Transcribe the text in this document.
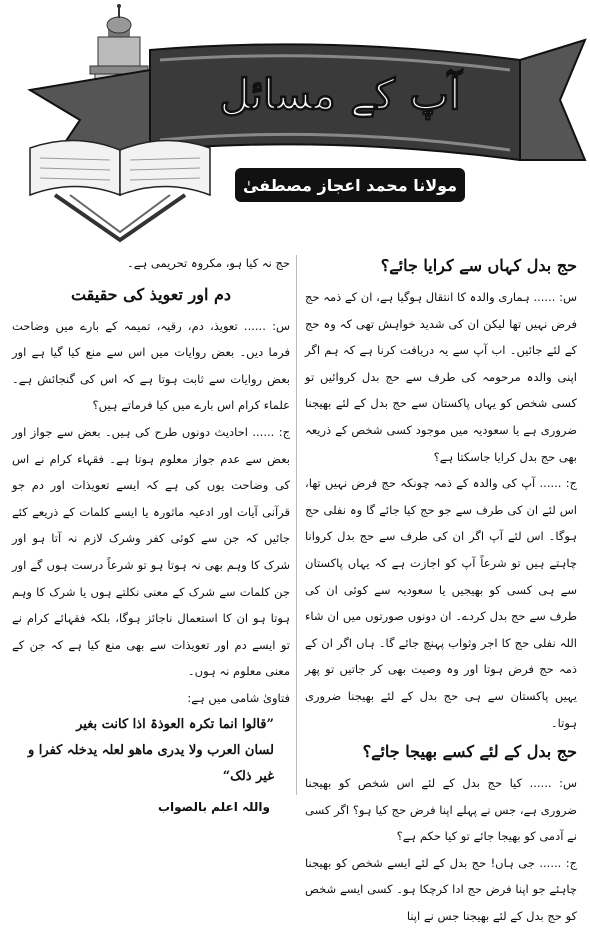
آپ کے مسائل
مولانا محمد اعجاز مصطفیٰ
حج بدل کہاں سے کرایا جائے؟

س: ...... ہماری والدہ کا انتقال ہوگیا ہے، ان کے ذمہ حج فرض نہیں تھا لیکن ان کی شدید خواہش تھی کہ وہ حج کے لئے جائیں۔ اب آپ سے یہ دریافت کرنا ہے کہ ہم اگر اپنی والدہ مرحومہ کی طرف سے حج بدل کروائیں تو کسی شخص کو یہاں پاکستان سے حج بدل کے لئے بھیجنا ضروری ہے یا سعودیہ میں موجود کسی شخص کے ذریعہ بھی حج بدل کرایا جاسکتا ہے؟

ج: ...... آپ کی والدہ کے ذمہ چونکہ حج فرض نہیں تھا، اس لئے ان کی طرف سے جو حج کیا جائے گا وہ نفلی حج ہوگا۔ اس لئے آپ اگر ان کی طرف سے حج بدل کروانا چاہتے ہیں تو شرعاً آپ کو اجازت ہے کہ یہاں پاکستان سے ہی کسی کو بھیجیں یا سعودیہ سے کوئی ان کی طرف سے حج بدل کردے۔ ان دونوں صورتوں میں ان شاء اللہ نفلی حج کا اجر وثواب پہنچ جائے گا۔ ہاں اگر ان کے ذمہ حج فرض ہوتا اور وہ وصیت بھی کر جاتیں تو پھر یہیں پاکستان سے ہی حج بدل کے لئے بھیجنا ضروری ہوتا۔

حج بدل کے لئے کسے بھیجا جائے؟

س: ...... کیا حج بدل کے لئے اس شخص کو بھیجنا ضروری ہے، جس نے پہلے اپنا فرض حج کیا ہو؟ اگر کسی نے آدمی کو بھیجا جائے تو کیا حکم ہے؟

ج: ...... جی ہاں! حج بدل کے لئے ایسے شخص کو بھیجنا چاہئے جو اپنا فرض حج ادا کرچکا ہو۔ کسی ایسے شخص کو حج بدل کے لئے بھیجنا جس نے اپنا

حج نہ کیا ہو، مکروہ تحریمی ہے۔

دم اور تعویذ کی حقیقت

س: ...... تعویذ، دم، رقیہ، تمیمہ کے بارے میں وضاحت فرما دیں۔ بعض روایات میں اس سے منع کیا گیا ہے اور بعض روایات سے ثابت ہوتا ہے کہ اس کی گنجائش ہے۔ علماء کرام اس بارے میں کیا فرماتے ہیں؟

ج: ...... احادیث دونوں طرح کی ہیں۔ بعض سے جواز اور بعض سے عدم جواز معلوم ہوتا ہے۔ فقہاء کرام نے اس کی وضاحت یوں کی ہے کہ ایسے تعویذات اور دم جو قرآنی آیات اور ادعیہ ماثورہ یا ایسے کلمات کے ذریعے کئے جائیں کہ جن سے کوئی کفر وشرک لازم نہ آتا ہو اور شرک کا وہم بھی نہ ہوتا ہو تو شرعاً درست ہوں گے اور جن کلمات سے شرک کے معنی نکلتے ہوں یا شرک کا وہم ہوتا ہو ان کا استعمال ناجائز ہوگا، بلکہ فقہائے کرام نے تو ایسے دم اور تعویذات سے بھی منع کیا ہے کہ جن کے معنی معلوم نہ ہوں۔

فتاویٰ شامی میں ہے:

”قالوا انما تکرہ العوذۃ اذا کانت بغیر
لسان العرب ولا یدری ماھو لعلہ یدخلہ کفرا و
غیر ذلک“
واللہ اعلم بالصواب
